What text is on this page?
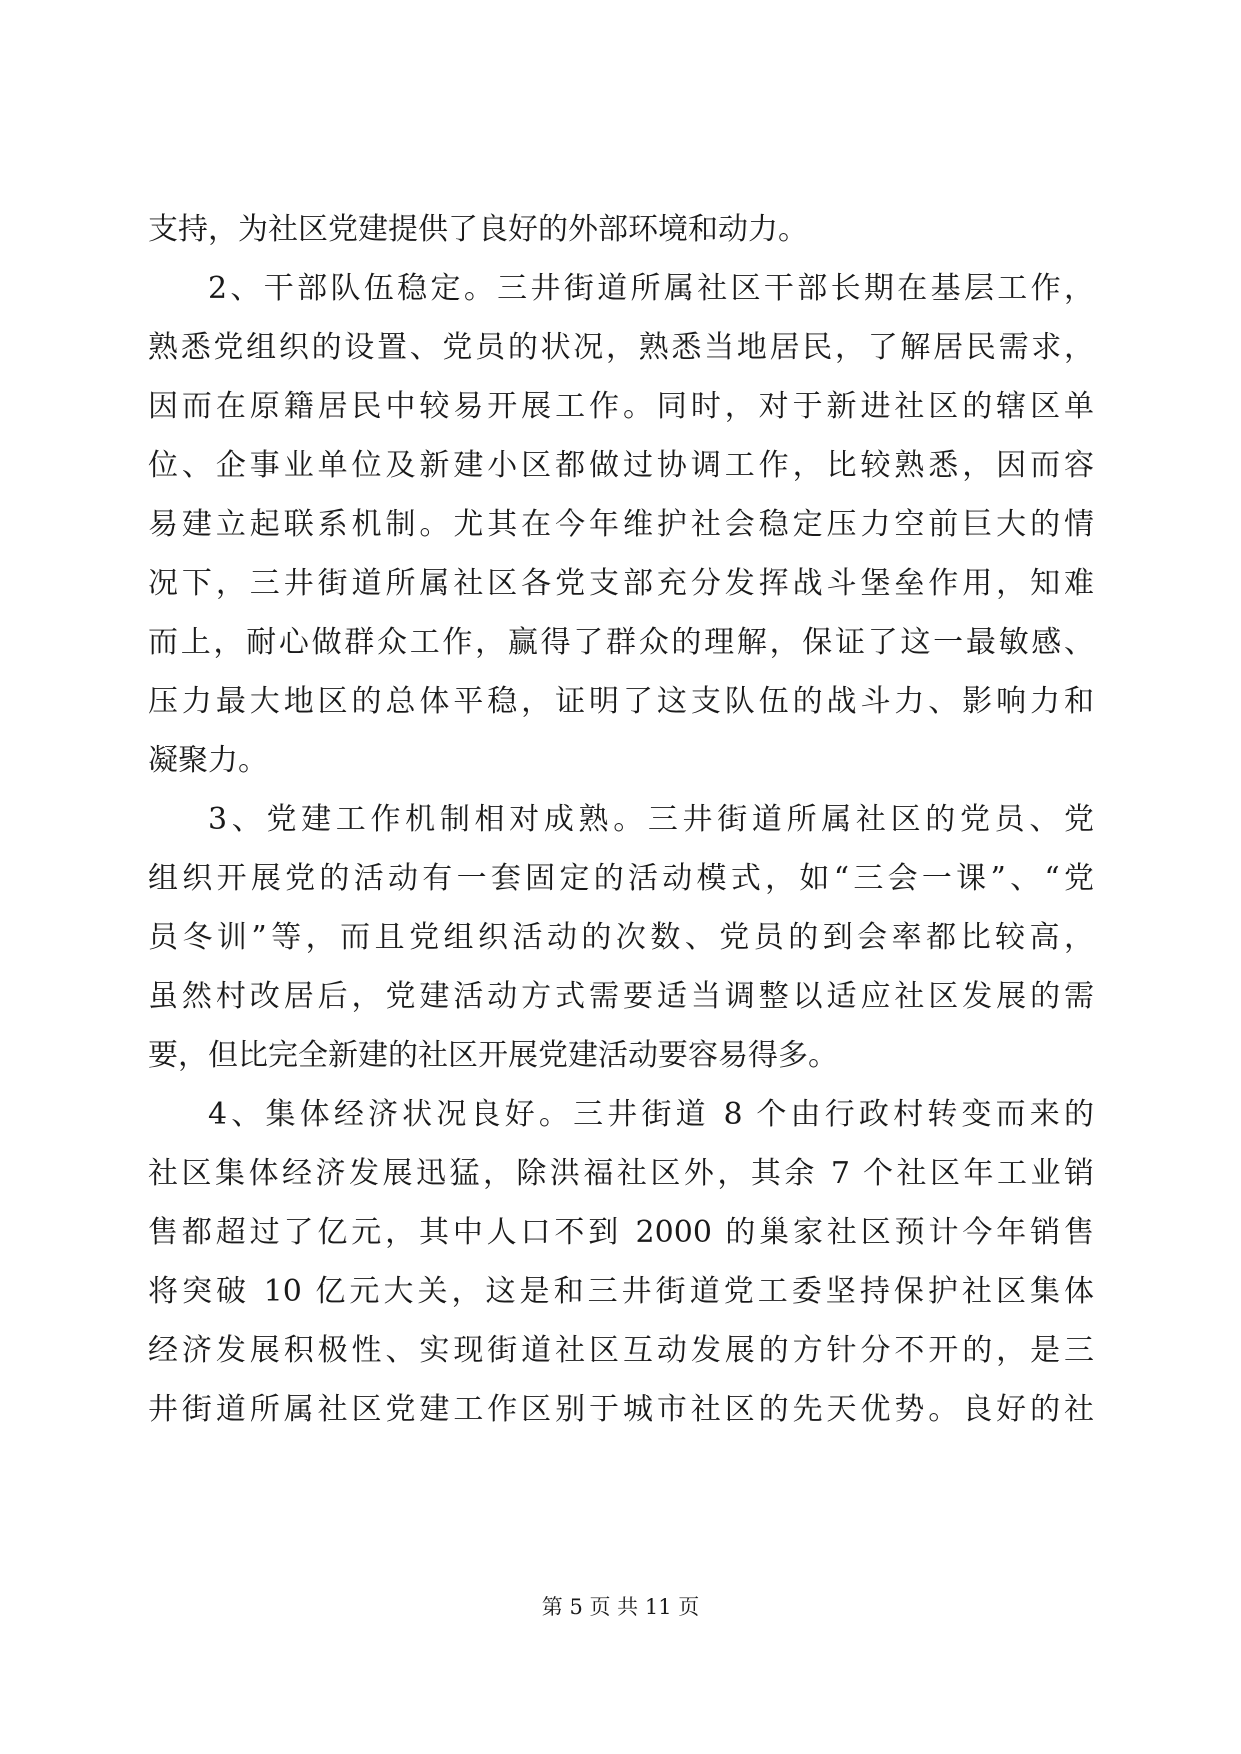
支持，为社区党建提供了良好的外部环境和动力。
2、干部队伍稳定。三井街道所属社区干部长期在基层工作，
熟悉党组织的设置、党员的状况，熟悉当地居民，了解居民需求，
因而在原籍居民中较易开展工作。同时，对于新进社区的辖区单
位、企事业单位及新建小区都做过协调工作，比较熟悉，因而容
易建立起联系机制。尤其在今年维护社会稳定压力空前巨大的情
况下，三井街道所属社区各党支部充分发挥战斗堡垒作用，知难
而上，耐心做群众工作，赢得了群众的理解，保证了这一最敏感、
压力最大地区的总体平稳，证明了这支队伍的战斗力、影响力和
凝聚力。
3、党建工作机制相对成熟。三井街道所属社区的党员、党
组织开展党的活动有一套固定的活动模式，如“三会一课”、“党
员冬训”等，而且党组织活动的次数、党员的到会率都比较高，
虽然村改居后，党建活动方式需要适当调整以适应社区发展的需
要，但比完全新建的社区开展党建活动要容易得多。
4、集体经济状况良好。三井街道 8 个由行政村转变而来的
社区集体经济发展迅猛，除洪福社区外，其余 7 个社区年工业销
售都超过了亿元，其中人口不到 2000 的巢家社区预计今年销售
将突破 10 亿元大关，这是和三井街道党工委坚持保护社区集体
经济发展积极性、实现街道社区互动发展的方针分不开的，是三
井街道所属社区党建工作区别于城市社区的先天优势。良好的社
第 5 页 共 11 页
